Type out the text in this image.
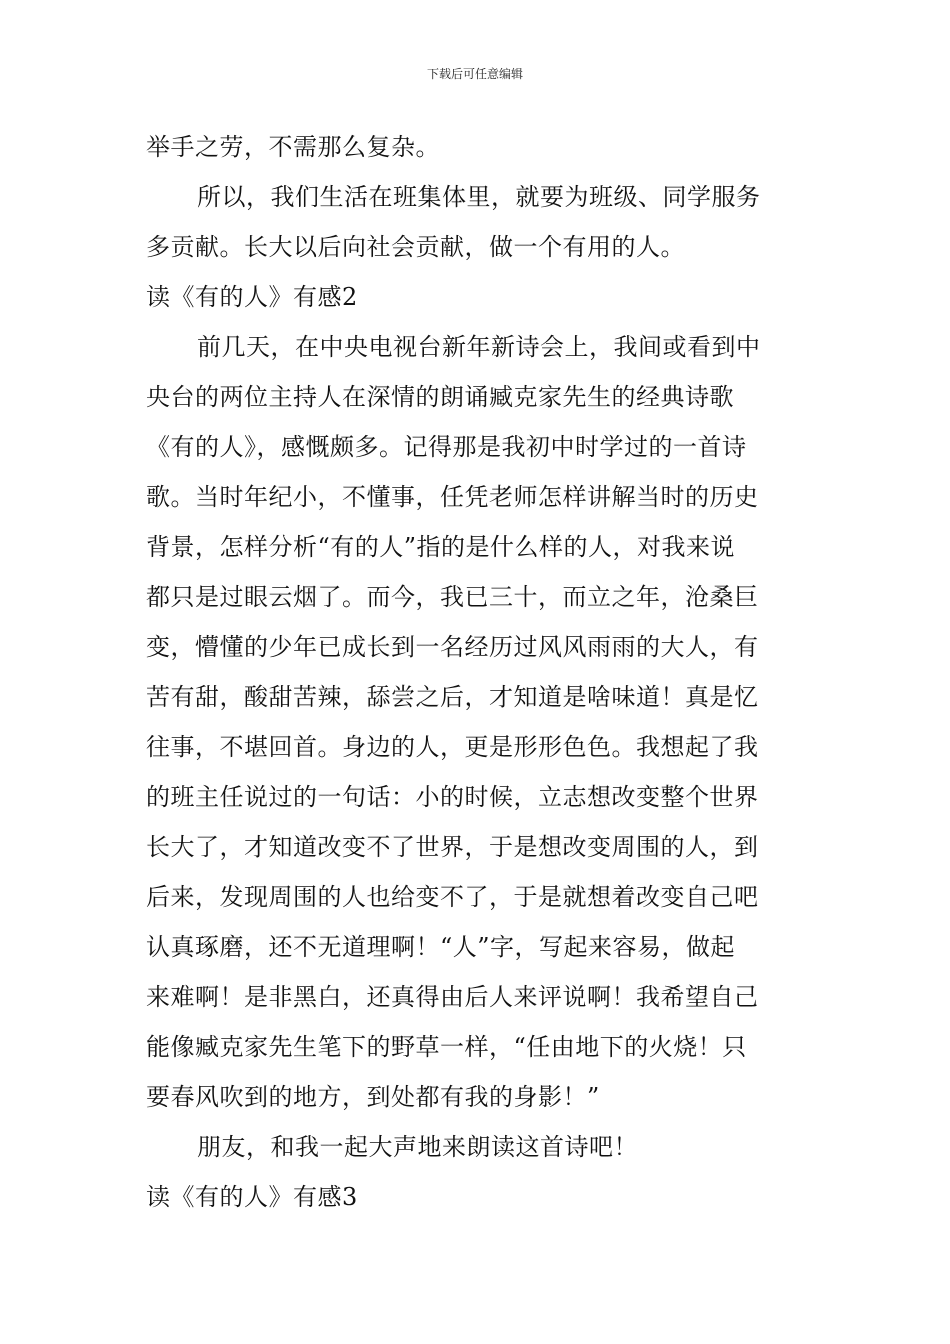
下载后可任意编辑
举手之劳，不需那么复杂。
所以，我们生活在班集体里，就要为班级、同学服务
多贡献。长大以后向社会贡献，做一个有用的人。
读《有的人》有感2
前几天，在中央电视台新年新诗会上，我间或看到中
央台的两位主持人在深情的朗诵臧克家先生的经典诗歌
《有的人》，感慨颇多。记得那是我初中时学过的一首诗
歌。当时年纪小，不懂事，任凭老师怎样讲解当时的历史
背景，怎样分析“有的人”指的是什么样的人，对我来说
都只是过眼云烟了。而今，我已三十，而立之年，沧桑巨
变，懵懂的少年已成长到一名经历过风风雨雨的大人，有
苦有甜，酸甜苦辣，舔尝之后，才知道是啥味道！真是忆
往事，不堪回首。身边的人，更是形形色色。我想起了我
的班主任说过的一句话：小的时候，立志想改变整个世界
长大了，才知道改变不了世界，于是想改变周围的人，到
后来，发现周围的人也给变不了，于是就想着改变自己吧
认真琢磨，还不无道理啊！“人”字，写起来容易，做起
来难啊！是非黑白，还真得由后人来评说啊！我希望自己
能像臧克家先生笔下的野草一样，“任由地下的火烧！只
要春风吹到的地方，到处都有我的身影！”
朋友，和我一起大声地来朗读这首诗吧！
读《有的人》有感3
